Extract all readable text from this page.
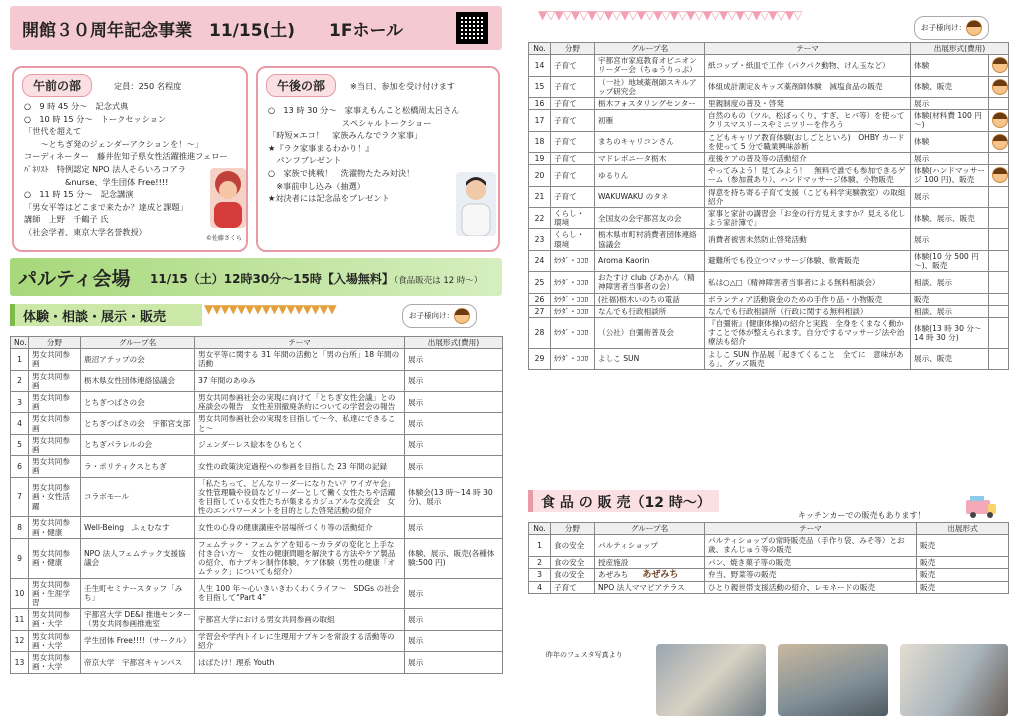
開館３０周年記念事業　11/15(土)　　1Fホール
午前の部	定員：250 名程度
○　9 時 45 分～　記念式典
○　10 時 15 分～　トークセッション
「世代を超えて
　　～とちぎ発のジェンダーアクションを！～」
コーディネーター　藤井佐知子県女性活躍推進フェロー
ﾊﾟﾈﾘｽﾄ　特例認定 NPO 法人そらいろコアラ
　　　　　&nurse、学生団体 Free!!!!
○　11 時 15 分～　記念講演
「男女平等はどこまで来たか？達成と課題」
講師　上野　千鶴子 氏
（社会学者、東京大学名誉教授）
©佐藤さくら
午後の部	※当日、参加を受け付けます
○　13 時 30 分～　家事えもんこと松橋周太呂さん
　　　　　　　　　スペシャルトークショー
「時短×エコ！　家族みんなでラク家事」
★『ラク家事まるわかり！』
　パンフプレゼント
○　家族で挑戦！　洗濯物たたみ対決！
　※事前申し込み（抽選）
★対決者には記念品をプレゼント
パルティ会場 11/15（土）12時30分～15時【入場無料】（食品販売は 12 時～）
体験・相談・展示・販売
▼▼▼▼▼▼▼▼▼▼▼▼▼▼▼▼	お子様向け：
No.	分野	グループ名	テーマ	出展形式(費用)
1	男女共同参画	鹿沼アテップの会	男女平等に関する 31 年間の活動と「男の台所」18 年間の活動	展示
2	男女共同参画	栃木県女性団体連絡協議会	37 年間のあゆみ	展示
3	男女共同参画	とちぎつばさの会	男女共同参画社会の実現に向けて「とちぎ女性会議」との座談会の報告　女性差別撤廃条約についての学習会の報告	展示
4	男女共同参画	とちぎつばさの会　宇都宮支部	男女共同参画社会の実現を目指して～今、私達にできること～	展示
5	男女共同参画	とちぎパラレルの会	ジェンダーレス絵本をひもとく	展示
6	男女共同参画	ラ・ポリティクスとちぎ	女性の政策決定過程への参画を目指した 23 年間の記録	展示
7	男女共同参画・女性活躍	コラボモール	「私たちって、どんなリーダーになりたい？ワイガヤ会」女性管理職や役員などリーダーとして働く女性たちや活躍を目指している女性たちが集まるカジュアルな交流会　女性のエンパワーメントを目的とした啓発活動の紹介	体験会(13 時～14 時 30 分)、展示
8	男女共同参画・健康	Well-Being　ふぇむなす	女性の心身の健康講座や居場所づくり等の活動紹介	展示
9	男女共同参画・健康	NPO 法人フェムテック支援協議会	フェムテック・フェムケアを知る～カラダの変化と上手な付き合い方～　女性の健康問題を解決する方法やケア製品の紹介、布ナプキン制作体験、ケア体験（男性の健康「オムテック」についても紹介）	体験、展示、販売(各種体験:500 円)
10	男女共同参画・生涯学習	壬生町セミナースタッフ「みち」	人生 100 年～心いきいきわくわくライフ～　SDGs の社会を目指して“Part 4”	展示
11	男女共同参画・大学	宇都宮大学 DE&I 推進センター（男女共同参画推進室	宇都宮大学における男女共同参画の取組	展示
12	男女共同参画・大学	学生団体 Free!!!!（サークル）	学習会や学内トイレに生理用ナプキンを常設する活動等の紹介	展示
13	男女共同参画・大学	帝京大学　宇都宮キャンパス	はばたけ！理系 Youth	展示
▼▽▼▽▼▽▼▽▼▽▼▽▼▽▼▽▼▽▼▽▼▽▼▽▼▽▼▽▼▽▼▽
お子様向け：
No.	分野	グループ名	テーマ	出展形式(費用)	
14	子育て	宇都宮市家庭教育オピニオンリーダー会（ちゅうりっぷ）	紙コップ・紙皿で工作（パクパク動物、けん玉など）	体験	
15	子育て	（一社）地域薬剤師スキルアップ研究会	体組成計測定＆キッズ薬剤師体験　減塩食品の販売	体験、販売	
16	子育て	栃木フォスタリングセンター	里親制度の普及・啓発	展示	
17	子育て	初雁	自然のもの（ツル、松ぼっくり、すぎ、ヒバ等）を使ってクリスマスリースやミニツリーを作ろう	体験(材料費 100 円～)	
18	子育て	まちのキャリコンさん	こどもキャリア教育体験(おしごとといろ)　OHBY カードを使って 5 分で職業興味診断	体験	
19	子育て	マドレボニータ栃木	産後ケアの普及等の活動紹介	展示	
20	子育て	ゆるりん	やってみよう！見てみよう！　無料で誰でも参加できるゲーム（参加賞あり）、ハンドマッサージ体験、小物販売	体験(ハンドマッサージ 100 円)、販売	
21	子育て	WAKUWAKU のタネ	得意を持ち寄る子育て支援（こども科学実験教室）の取組紹介	展示	
22	くらし・環境	全国友の会宇都宮友の会	家事と家計の講習会「お金の行方見えますか？見える化しよう家計簿で」	体験、展示、販売	
23	くらし・環境	栃木県市町村消費者団体連絡協議会	消費者被害未然防止啓発活動	展示	
24	ｶﾗﾀﾞ・ｺｺﾛ	Aroma Kaorin	避難所でも役立つマッサージ体験、軟膏販売	体験(10 分 500 円～)、販売	
25	ｶﾗﾀﾞ・ｺｺﾛ	おたすけ club ぴあかん（精神障害者当事者の会）	私は○△□（精神障害者当事者による無料相談会）	相談、展示	
26	ｶﾗﾀﾞ・ｺｺﾛ	(社福)栃木いのちの電話	ボランティア活動資金のための手作り品・小物販売	販売	
27	ｶﾗﾀﾞ・ｺｺﾛ	なんでも行政相談所	なんでも行政相談所（行政に関する無料相談）	相談、展示	
28	ｶﾗﾀﾞ・ｺｺﾛ	（公社）自彊術普及会	『自彊術』(健康体操)の紹介と実践　全身をくまなく動かすことで体が整えられます。自分でするマッサージ法や治療法も紹介	体験(13 時 30 分～14 時 30 分)	
29	ｶﾗﾀﾞ・ｺｺﾛ	よしこ SUN	よしこ SUN 作品展「起きてくること　全てに　意味がある」、グッズ販売	展示、販売	
食 品 の 販 売（12 時～）
キッチンカーでの販売もあります！
No.	分野	グループ名	テーマ	出展形式
1	食の安全	パルティショップ	パルティショップの常時販売品（手作り袋、みそ等）とお歳、まんじゅう等の販売	販売
2	食の安全	授産施設	パン、焼き菓子等の販売	販売
3	食の安全	あぜみち あぜみち	弁当、野菜等の販売	販売
4	子育て	NPO 法人ママピアテラス	ひとり親世帯支援活動の紹介、レモネードの販売	販売
昨年のフェスタ写真より
